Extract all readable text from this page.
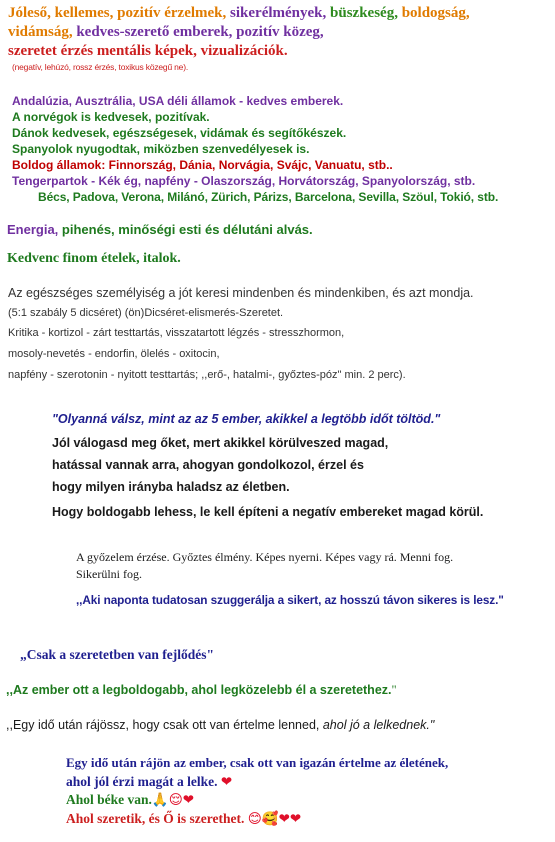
Jóleső, kellemes, pozitív érzelmek, sikerélmények, büszkeség, boldogság,
vidámság, kedves-szerető emberek, pozitív közeg,
szeretet érzés mentális képek, vizualizációk.
(negatív, lehúzó, rossz érzés, toxikus közegű ne).
Andalúzia, Ausztrália, USA déli államok - kedves emberek.
A norvégok is kedvesek, pozitívak.
Dánok kedvesek, egészségesek, vidámak és segítőkészek.
Spanyolok nyugodtak, miközben szenvedélyesek is.
Boldog államok: Finnország, Dánia, Norvágia, Svájc, Vanuatu, stb..
Tengerpartok - Kék ég, napfény - Olaszország, Horvátország, Spanyolország, stb.
Bécs, Padova, Verona, Milánó, Zürich, Párizs, Barcelona, Sevilla, Szöul, Tokió, stb.
Energia, pihenés, minőségi esti és délutáni alvás.
Kedvenc finom ételek, italok.
Az egészséges személyiség a jót keresi mindenben és mindenkiben, és azt mondja.
(5:1 szabály 5 dicséret) (ön)Dicséret-elismerés-Szeretet.
Kritika - kortizol - zárt testtartás, visszatartott légzés - stresszhormon,
mosoly-nevetés - endorfin, ölelés - oxitocin,
napfény - szerotonin - nyitott testtartás; ,,erő-, hatalmi-, győztes-póz" min. 2 perc).
"Olyanná válsz, mint az az 5 ember, akikkel a legtöbb időt töltöd."
Jól válogasd meg őket, mert akikkel körülveszed magad,
hatással vannak arra, ahogyan gondolkozol, érzel és
hogy milyen irányba haladsz az életben.
Hogy boldogabb lehess, le kell építeni a negatív embereket magad körül.
A győzelem érzése. Győztes élmény. Képes nyerni. Képes vagy rá. Menni fog.
Sikerülni fog.
,,Aki naponta tudatosan szuggerálja a sikert, az hosszú távon sikeres is lesz."
„Csak a szeretetben van fejlődés"
,,Az ember ott a legboldogabb, ahol legközelebb él a szeretethez."
,,Egy idő után rájössz, hogy csak ott van értelme lenned, ahol jó a lelkednek."
Egy idő után rájön az ember, csak ott van igazán értelme az életének,
ahol jól érzi magát a lelke. ❤
Ahol béke van.🙏😌❤
Ahol szeretik, és Ő is szerethet. 😊🥰❤❤
